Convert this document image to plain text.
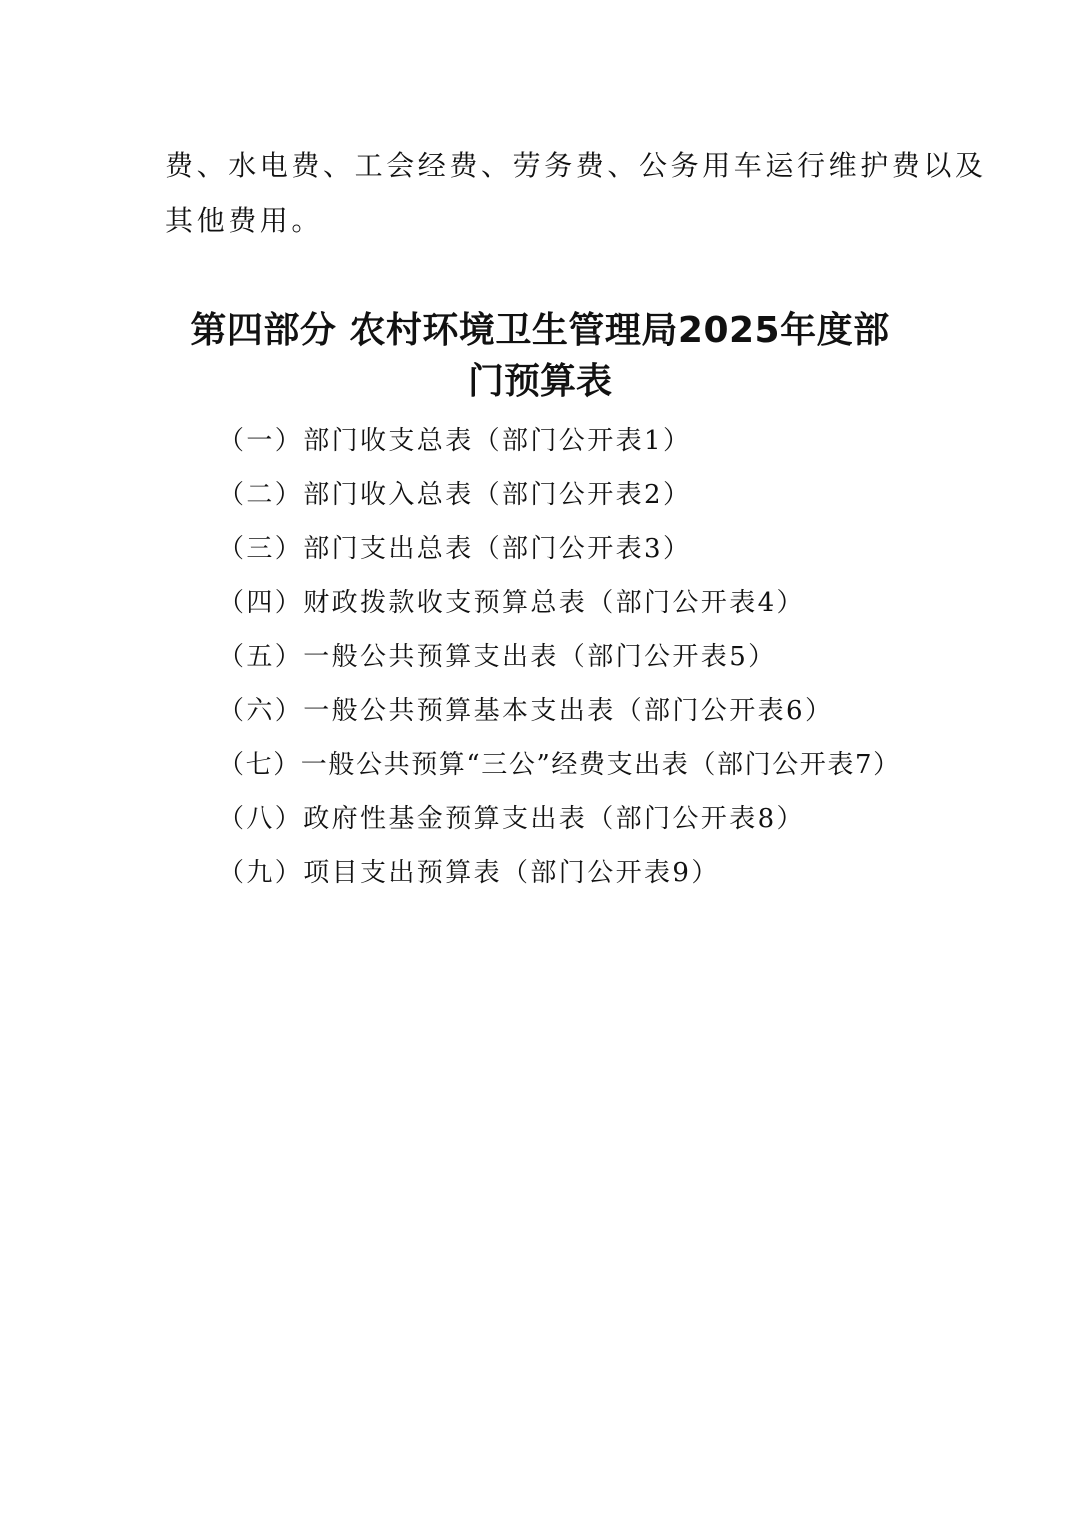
费、水电费、工会经费、劳务费、公务用车运行维护费以及
其他费用。
第四部分 农村环境卫生管理局2025年度部
门预算表
（一）部门收支总表（部门公开表1）
（二）部门收入总表（部门公开表2）
（三）部门支出总表（部门公开表3）
（四）财政拨款收支预算总表（部门公开表4）
（五）一般公共预算支出表（部门公开表5）
（六）一般公共预算基本支出表（部门公开表6）
（七）一般公共预算“三公”经费支出表（部门公开表7）
（八）政府性基金预算支出表（部门公开表8）
（九）项目支出预算表（部门公开表9）
